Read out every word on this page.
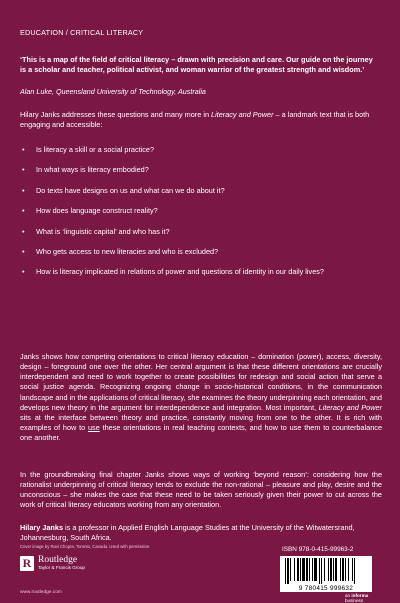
EDUCATION / CRITICAL LITERACY
‘This is a map of the field of critical literacy – drawn with precision and care. Our guide on the journey is a scholar and teacher, political activist, and woman warrior of the greatest strength and wisdom.’
Alan Luke, Queensland University of Technology, Australia
Hilary Janks addresses these questions and many more in Literacy and Power – a landmark text that is both engaging and accessible:
• Is literacy a skill or a social practice?
• In what ways is literacy embodied?
• Do texts have designs on us and what can we do about it?
• How does language construct reality?
• What is ‘linguistic capital’ and who has it?
• Who gets access to new literacies and who is excluded?
• How is literacy implicated in relations of power and questions of identity in our daily lives?
Janks shows how competing orientations to critical literacy education – domination (power), access, diversity, design – foreground one over the other. Her central argument is that these different orientations are crucially interdependent and need to work together to create possibilities for redesign and social action that serve a social justice agenda. Recognizing ongoing change in socio-historical conditions, in the communication landscape and in the applications of critical literacy, she examines the theory underpinning each orientation, and develops new theory in the argument for interdependence and integration. Most important, Literacy and Power sits at the interface between theory and practice, constantly moving from one to the other. It is rich with examples of how to use these orientations in real teaching contexts, and how to use them to counterbalance one another.
In the groundbreaking final chapter Janks shows ways of working ‘beyond reason’: considering how the rationalist underpinning of critical literacy tends to exclude the non-rational – pleasure and play, desire and the unconscious – she makes the case that these need to be taken seriously given their power to cut across the work of critical literacy educators working from any orientation.
Hilary Janks is a professor in Applied English Language Studies at the University of the Witwatersrand, Johannesburg, South Africa.
Cover image by Ravi Chopra, Toronto, Canada. Used with permission.
R Routledge
Taylor & Francis Group
www.routledge.com
ISBN 978-0-415-99963-2
9 780415 999632
an informa business
